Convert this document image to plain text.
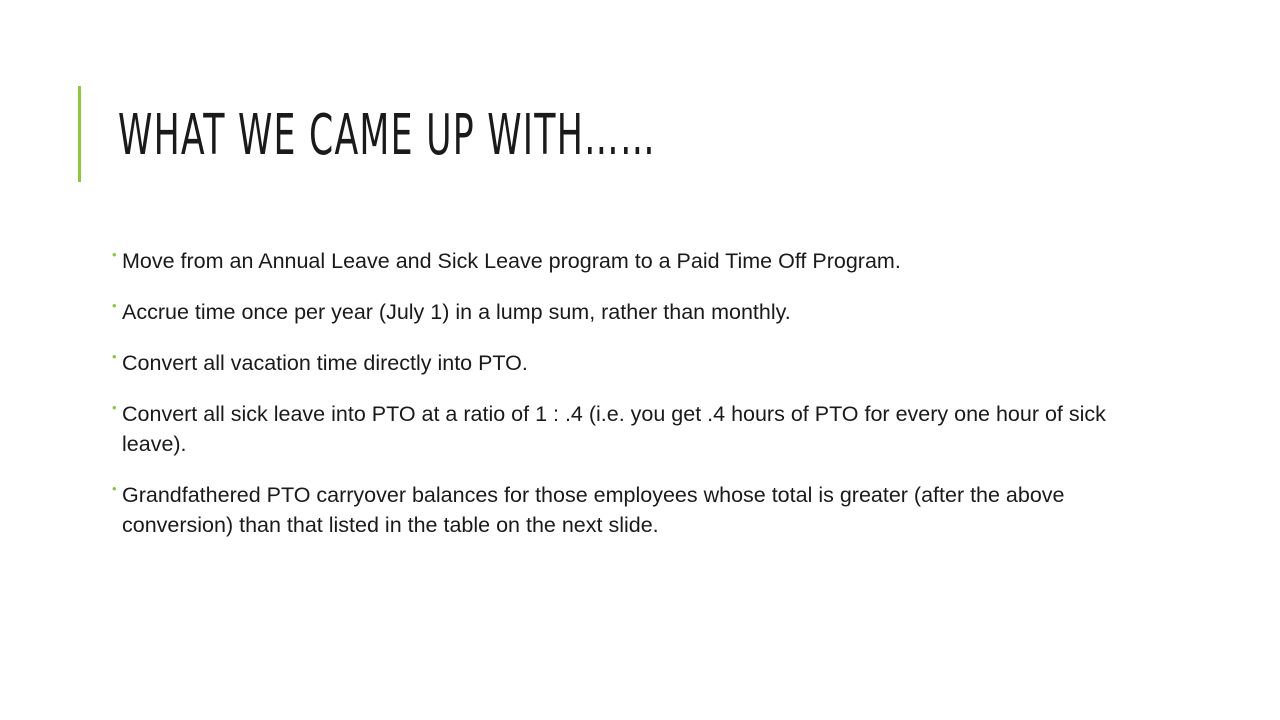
WHAT WE CAME UP WITH……
• Move from an Annual Leave and Sick Leave program to a Paid Time Off Program.
• Accrue time once per year (July 1) in a lump sum, rather than monthly.
• Convert all vacation time directly into PTO.
• Convert all sick leave into PTO at a ratio of 1 : .4 (i.e. you get .4 hours of PTO for every one hour of sick leave).
• Grandfathered PTO carryover balances for those employees whose total is greater (after the above conversion) than that listed in the table on the next slide.
